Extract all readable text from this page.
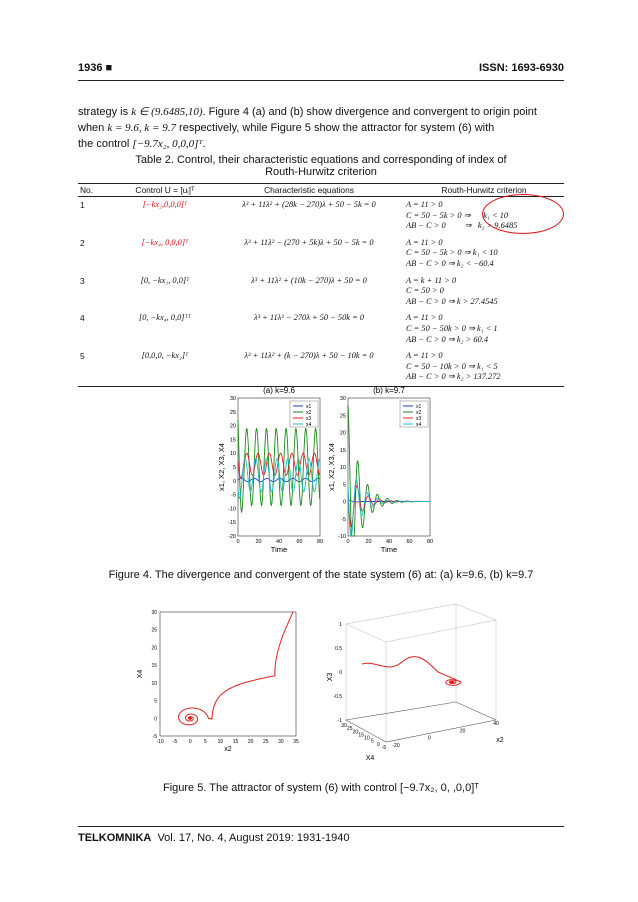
1936 ■	ISSN: 1693-6930
strategy is k ∈ (9.6485,10). Figure 4 (a) and (b) show divergence and convergent to origin point
when k = 9.6, k = 9.7 respectively, while Figure 5 show the attractor for system (6) with
the control [−9.7x₂, 0,0,0]ᵀ.
Table 2. Control, their characteristic equations and corresponding of index of
Routh-Hurwitz criterion
No.	Control U = [uᵢ]ᵀ	Characteristic equations	Routh-Hurwitz criterion
1	[−kx₂,0,0,0]ᵀ	λ³ + 11λ² + (28k − 270)λ + 50 − 5k = 0	A = 11 > 0
C = 50 − 5k > 0 ⇒ k₁ < 10
AB − C > 0 ⇒ k₂ > 9.6485

2	[−kx₄, 0,0,0]ᵀ	λ³ + 11λ² − (270 + 5k)λ + 50 − 5k = 0	A = 11 > 0
C = 50 − 5k > 0 ⇒ k₁ < 10
AB − C > 0 ⇒ k₂ < −60.4

3	[0, −kx₁, 0,0]ᵀ	λ³ + 11λ² + (10k − 270)λ + 50 = 0	A = k + 11 > 0
C = 50 > 0
AB − C > 0 ⇒ k > 27.4545

4	[0, −kx₄, 0,0]ᵀᵀ	λ³ + 11λ² − 270λ + 50 − 50k = 0	A = 11 > 0
C = 50 − 50k > 0 ⇒ k₁ < 1
AB − C > 0 ⇒ k₂ > 60.4

5	[0,0,0, −kx₂]ᵀ	λ³ + 11λ² + (k − 270)λ + 50 − 10k = 0	A = 11 > 0
C = 50 − 10k > 0 ⇒ k₁ < 5
AB − C > 0 ⇒ k₂ > 137.272
(a) k=9.6
0	20	40	60	80
-20
-15
-10
-5
0
5
10
15
20
25
30
Time
x1, X2, X3, X4
x1
x2
x3
x4
(b) k=9.7
0	20	40	60	80
-10
-5
0
5
10
15
20
25
30
Time
x1, X2, X3, X4
x1
x2
x3
x4
Figure 4. The divergence and convergent of the state system (6) at: (a) k=9.6, (b) k=9.7
-10 -5 0 5 10 15 20 25 30 35
-5
0
5
10
15
20
25
30
x2
X4
-1
-0.5
0
0.5
1
30
25
20
15
10
5
0
-5 -20
0
20
40
X4
X3
x2
Figure 5. The attractor of system (6) with control [−9.7x₂, 0, ,0,0]ᵀ
TELKOMNIKA Vol. 17, No. 4, August 2019: 1931-1940
